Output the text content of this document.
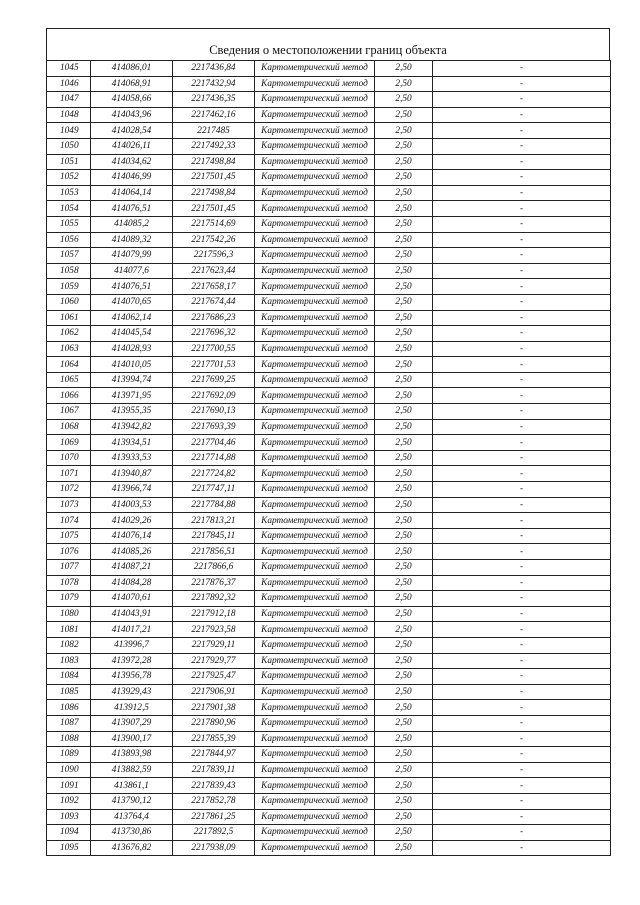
Сведения о местоположении границ объекта
1045	414086,01	2217436,84	Картометрический метод	2,50	-
1046	414068,91	2217432,94	Картометрический метод	2,50	-
1047	414058,66	2217436,35	Картометрический метод	2,50	-
1048	414043,96	2217462,16	Картометрический метод	2,50	-
1049	414028,54	2217485	Картометрический метод	2,50	-
1050	414026,11	2217492,33	Картометрический метод	2,50	-
1051	414034,62	2217498,84	Картометрический метод	2,50	-
1052	414046,99	2217501,45	Картометрический метод	2,50	-
1053	414064,14	2217498,84	Картометрический метод	2,50	-
1054	414076,51	2217501,45	Картометрический метод	2,50	-
1055	414085,2	2217514,69	Картометрический метод	2,50	-
1056	414089,32	2217542,26	Картометрический метод	2,50	-
1057	414079,99	2217596,3	Картометрический метод	2,50	-
1058	414077,6	2217623,44	Картометрический метод	2,50	-
1059	414076,51	2217658,17	Картометрический метод	2,50	-
1060	414070,65	2217674,44	Картометрический метод	2,50	-
1061	414062,14	2217686,23	Картометрический метод	2,50	-
1062	414045,54	2217696,32	Картометрический метод	2,50	-
1063	414028,93	2217700,55	Картометрический метод	2,50	-
1064	414010,05	2217701,53	Картометрический метод	2,50	-
1065	413994,74	2217699,25	Картометрический метод	2,50	-
1066	413971,95	2217692,09	Картометрический метод	2,50	-
1067	413955,35	2217690,13	Картометрический метод	2,50	-
1068	413942,82	2217693,39	Картометрический метод	2,50	-
1069	413934,51	2217704,46	Картометрический метод	2,50	-
1070	413933,53	2217714,88	Картометрический метод	2,50	-
1071	413940,87	2217724,82	Картометрический метод	2,50	-
1072	413966,74	2217747,11	Картометрический метод	2,50	-
1073	414003,53	2217784,88	Картометрический метод	2,50	-
1074	414029,26	2217813,21	Картометрический метод	2,50	-
1075	414076,14	2217845,11	Картометрический метод	2,50	-
1076	414085,26	2217856,51	Картометрический метод	2,50	-
1077	414087,21	2217866,6	Картометрический метод	2,50	-
1078	414084,28	2217876,37	Картометрический метод	2,50	-
1079	414070,61	2217892,32	Картометрический метод	2,50	-
1080	414043,91	2217912,18	Картометрический метод	2,50	-
1081	414017,21	2217923,58	Картометрический метод	2,50	-
1082	413996,7	2217929,11	Картометрический метод	2,50	-
1083	413972,28	2217929,77	Картометрический метод	2,50	-
1084	413956,78	2217925,47	Картометрический метод	2,50	-
1085	413929,43	2217906,91	Картометрический метод	2,50	-
1086	413912,5	2217901,38	Картометрический метод	2,50	-
1087	413907,29	2217890,96	Картометрический метод	2,50	-
1088	413900,17	2217855,39	Картометрический метод	2,50	-
1089	413893,98	2217844,97	Картометрический метод	2,50	-
1090	413882,59	2217839,11	Картометрический метод	2,50	-
1091	413861,1	2217839,43	Картометрический метод	2,50	-
1092	413790,12	2217852,78	Картометрический метод	2,50	-
1093	413764,4	2217861,25	Картометрический метод	2,50	-
1094	413730,86	2217892,5	Картометрический метод	2,50	-
1095	413676,82	2217938,09	Картометрический метод	2,50	-
